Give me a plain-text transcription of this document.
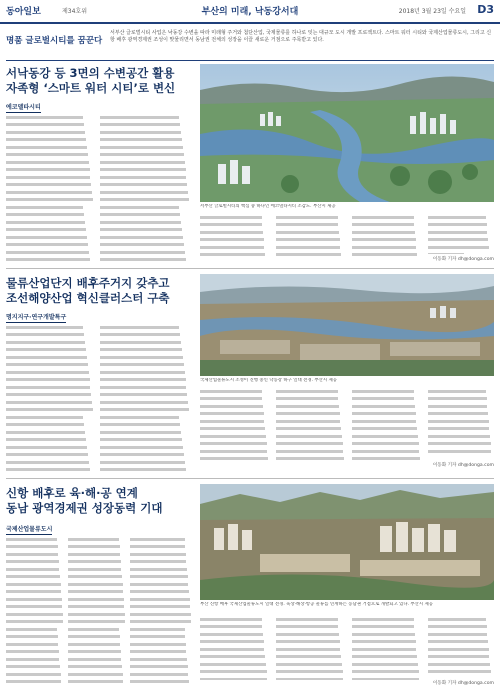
동아일보	제34호위	부산의 미래, 낙동강서대	2018년 3월 23일 수요일 D3
명품 글로벌시티를 꿈꾼다
서부산 글로벌시티 사업은 낙동강 수변을 따라 미래형 주거와 첨단산업, 국제물류를 하나로 잇는 대규모 도시 개발 프로젝트다. 스마트 워터 시티와 국제산업물류도시, 그리고 신항 배후 광역경제권 조성이 맞물리면서 동남권 전체의 성장을 이끌 새로운 거점으로 주목받고 있다.
서낙동강 등 3면의 수변공간 활용
자족형 ‘스마트 워터 시티’로 변신
에코델타시티
서부산 글로벌시티의 핵심 중 하나인 에코델타시티 조감도. 부산시 제공
이동화 기자 dh@donga.com
물류산업단지 배후주거지 갖추고
조선해양산업 혁신클러스터 구축
명지지구·연구개발특구
국제산업물류도시 조성이 진행 중인 낙동강 하구 일대 전경. 부산시 제공
이동화 기자 dh@donga.com
신항 배후로 육·해·공 연계
동남 광역경제권 성장동력 기대
국제산업물류도시
부산 신항 배후 국제산업물류도시 일대 전경. 육상·해상·항공 물류를 연계하는 동남권 거점으로 개발되고 있다. 부산시 제공
이동화 기자 dh@donga.com
